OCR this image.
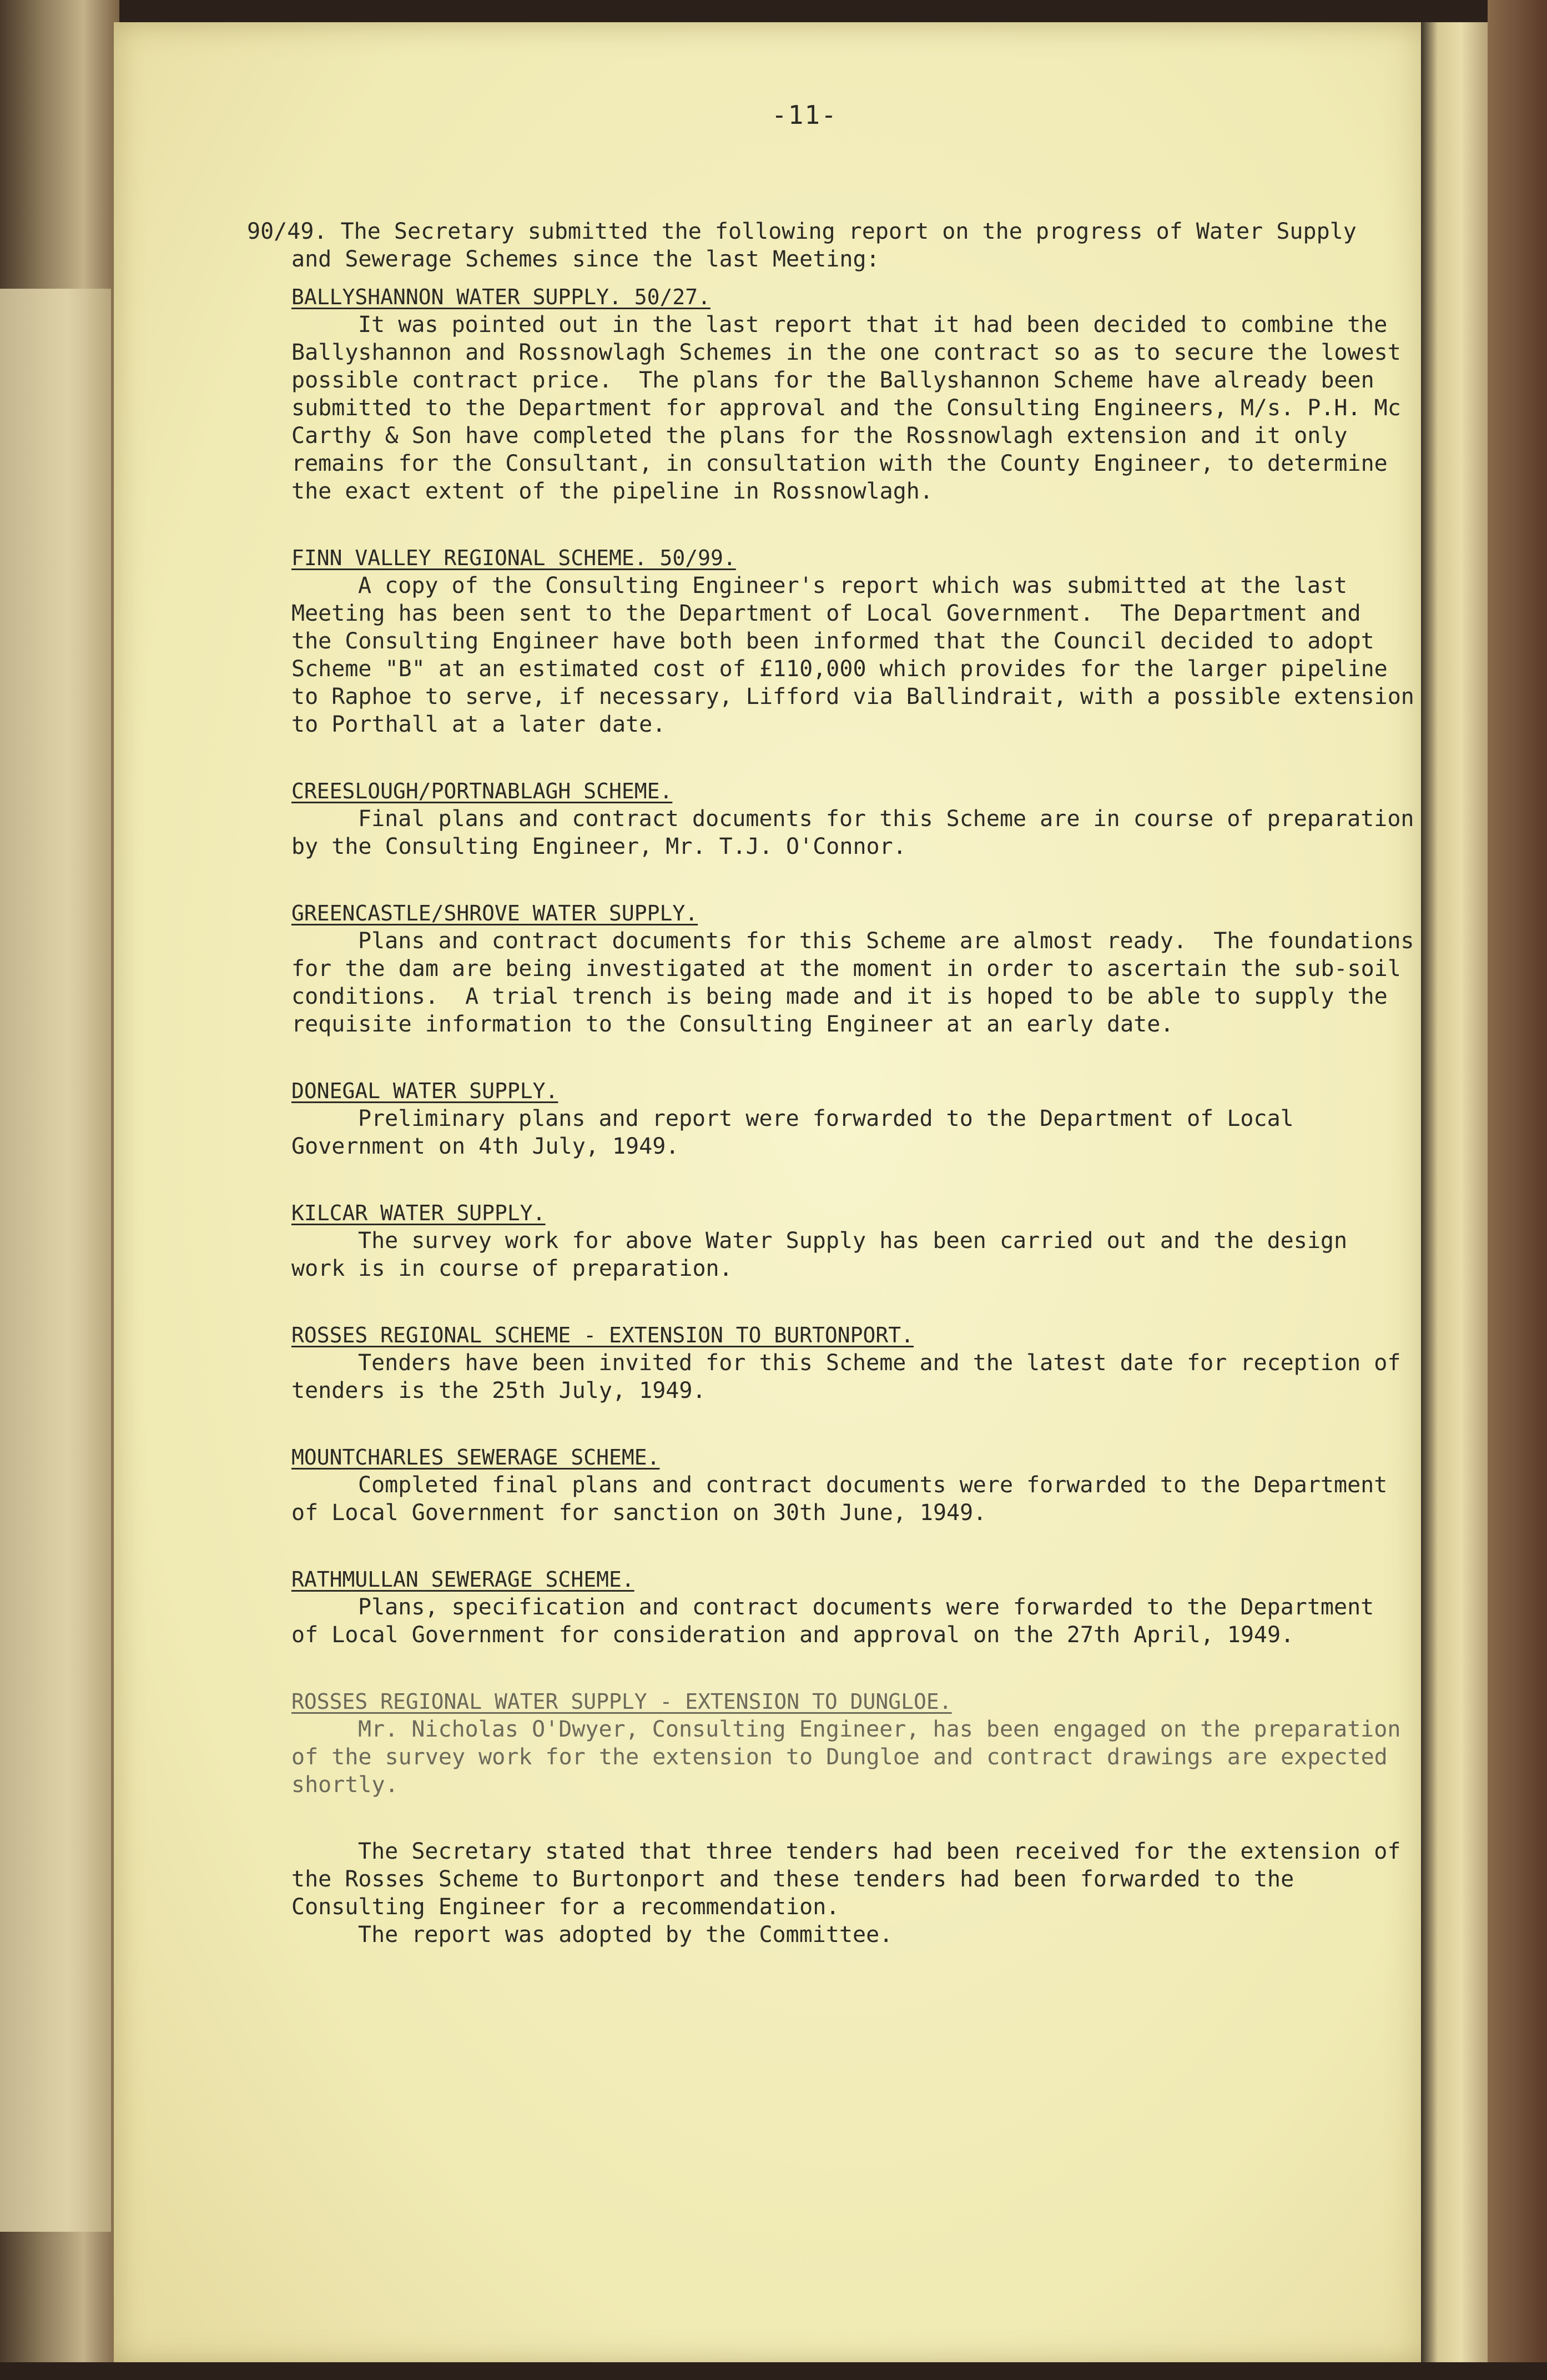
-11-

90/49. The Secretary submitted the following report on the progress of Water Supply

and Sewerage Schemes since the last Meeting:

BALLYSHANNON WATER SUPPLY. 50/27.

It was pointed out in the last report that it had been decided to combine the

Ballyshannon and Rossnowlagh Schemes in the one contract so as to secure the lowest

possible contract price.  The plans for the Ballyshannon Scheme have already been

submitted to the Department for approval and the Consulting Engineers, M/s. P.H. Mc

Carthy & Son have completed the plans for the Rossnowlagh extension and it only

remains for the Consultant, in consultation with the County Engineer, to determine

the exact extent of the pipeline in Rossnowlagh.

FINN VALLEY REGIONAL SCHEME. 50/99.

A copy of the Consulting Engineer's report which was submitted at the last

Meeting has been sent to the Department of Local Government.  The Department and

the Consulting Engineer have both been informed that the Council decided to adopt

Scheme "B" at an estimated cost of £110,000 which provides for the larger pipeline

to Raphoe to serve, if necessary, Lifford via Ballindrait, with a possible extension

to Porthall at a later date.

CREESLOUGH/PORTNABLAGH SCHEME.

Final plans and contract documents for this Scheme are in course of preparation

by the Consulting Engineer, Mr. T.J. O'Connor.

GREENCASTLE/SHROVE WATER SUPPLY.

Plans and contract documents for this Scheme are almost ready.  The foundations

for the dam are being investigated at the moment in order to ascertain the sub-soil

conditions.  A trial trench is being made and it is hoped to be able to supply the

requisite information to the Consulting Engineer at an early date.

DONEGAL WATER SUPPLY.

Preliminary plans and report were forwarded to the Department of Local

Government on 4th July, 1949.

KILCAR WATER SUPPLY.

The survey work for above Water Supply has been carried out and the design

work is in course of preparation.

ROSSES REGIONAL SCHEME - EXTENSION TO BURTONPORT.

Tenders have been invited for this Scheme and the latest date for reception of

tenders is the 25th July, 1949.

MOUNTCHARLES SEWERAGE SCHEME.

Completed final plans and contract documents were forwarded to the Department

of Local Government for sanction on 30th June, 1949.

RATHMULLAN SEWERAGE SCHEME.

Plans, specification and contract documents were forwarded to the Department

of Local Government for consideration and approval on the 27th April, 1949.

ROSSES REGIONAL WATER SUPPLY - EXTENSION TO DUNGLOE.

Mr. Nicholas O'Dwyer, Consulting Engineer, has been engaged on the preparation

of the survey work for the extension to Dungloe and contract drawings are expected

shortly.

The Secretary stated that three tenders had been received for the extension of

the Rosses Scheme to Burtonport and these tenders had been forwarded to the

Consulting Engineer for a recommendation.

The report was adopted by the Committee.
